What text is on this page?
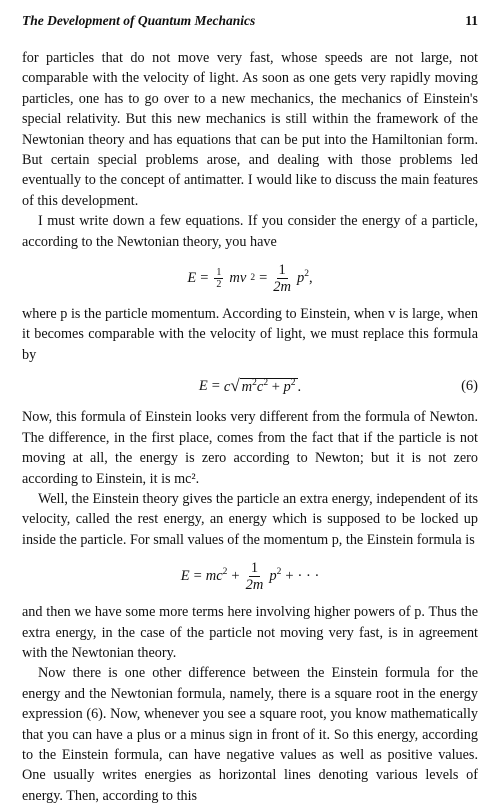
The Development of Quantum Mechanics	11

for particles that do not move very fast, whose speeds are not large, not comparable with the velocity of light. As soon as one gets very rapidly moving particles, one has to go over to a new mechanics, the mechanics of Einstein's special relativity. But this new mechanics is still within the framework of the Newtonian theory and has equations that can be put into the Hamiltonian form. But certain special problems arose, and dealing with those problems led eventually to the concept of antimatter. I would like to discuss the main features of this development.

I must write down a few equations. If you consider the energy of a particle, according to the Newtonian theory, you have

$E = \frac{1}{2}$ mv $2 = \frac{1}{2m} p^2$,

where p is the particle momentum. According to Einstein, when v is large, when it becomes comparable with the velocity of light, we must replace this formula by

E = c√ $m^2c^2 + p^2$ .	(6)

Now, this formula of Einstein looks very different from the formula of Newton. The difference, in the first place, comes from the fact that if the particle is not moving at all, the energy is zero according to Newton; but it is not zero according to Einstein, it is mc².

Well, the Einstein theory gives the particle an extra energy, independent of its velocity, called the rest energy, an energy which is supposed to be locked up inside the particle. For small values of the momentum p, the Einstein formula is

$E = mc^2 + \frac{1}{2m} p^2$ + · · ·

and then we have some more terms here involving higher powers of p. Thus the extra energy, in the case of the particle not moving very fast, is in agreement with the Newtonian theory.

Now there is one other difference between the Einstein formula for the energy and the Newtonian formula, namely, there is a square root in the energy expression (6). Now, whenever you see a square root, you know mathematically that you can have a plus or a minus sign in front of it. So this energy, according to the Einstein formula, can have negative values as well as positive values. One usually writes energies as horizontal lines denoting various levels of energy. Then, according to this
